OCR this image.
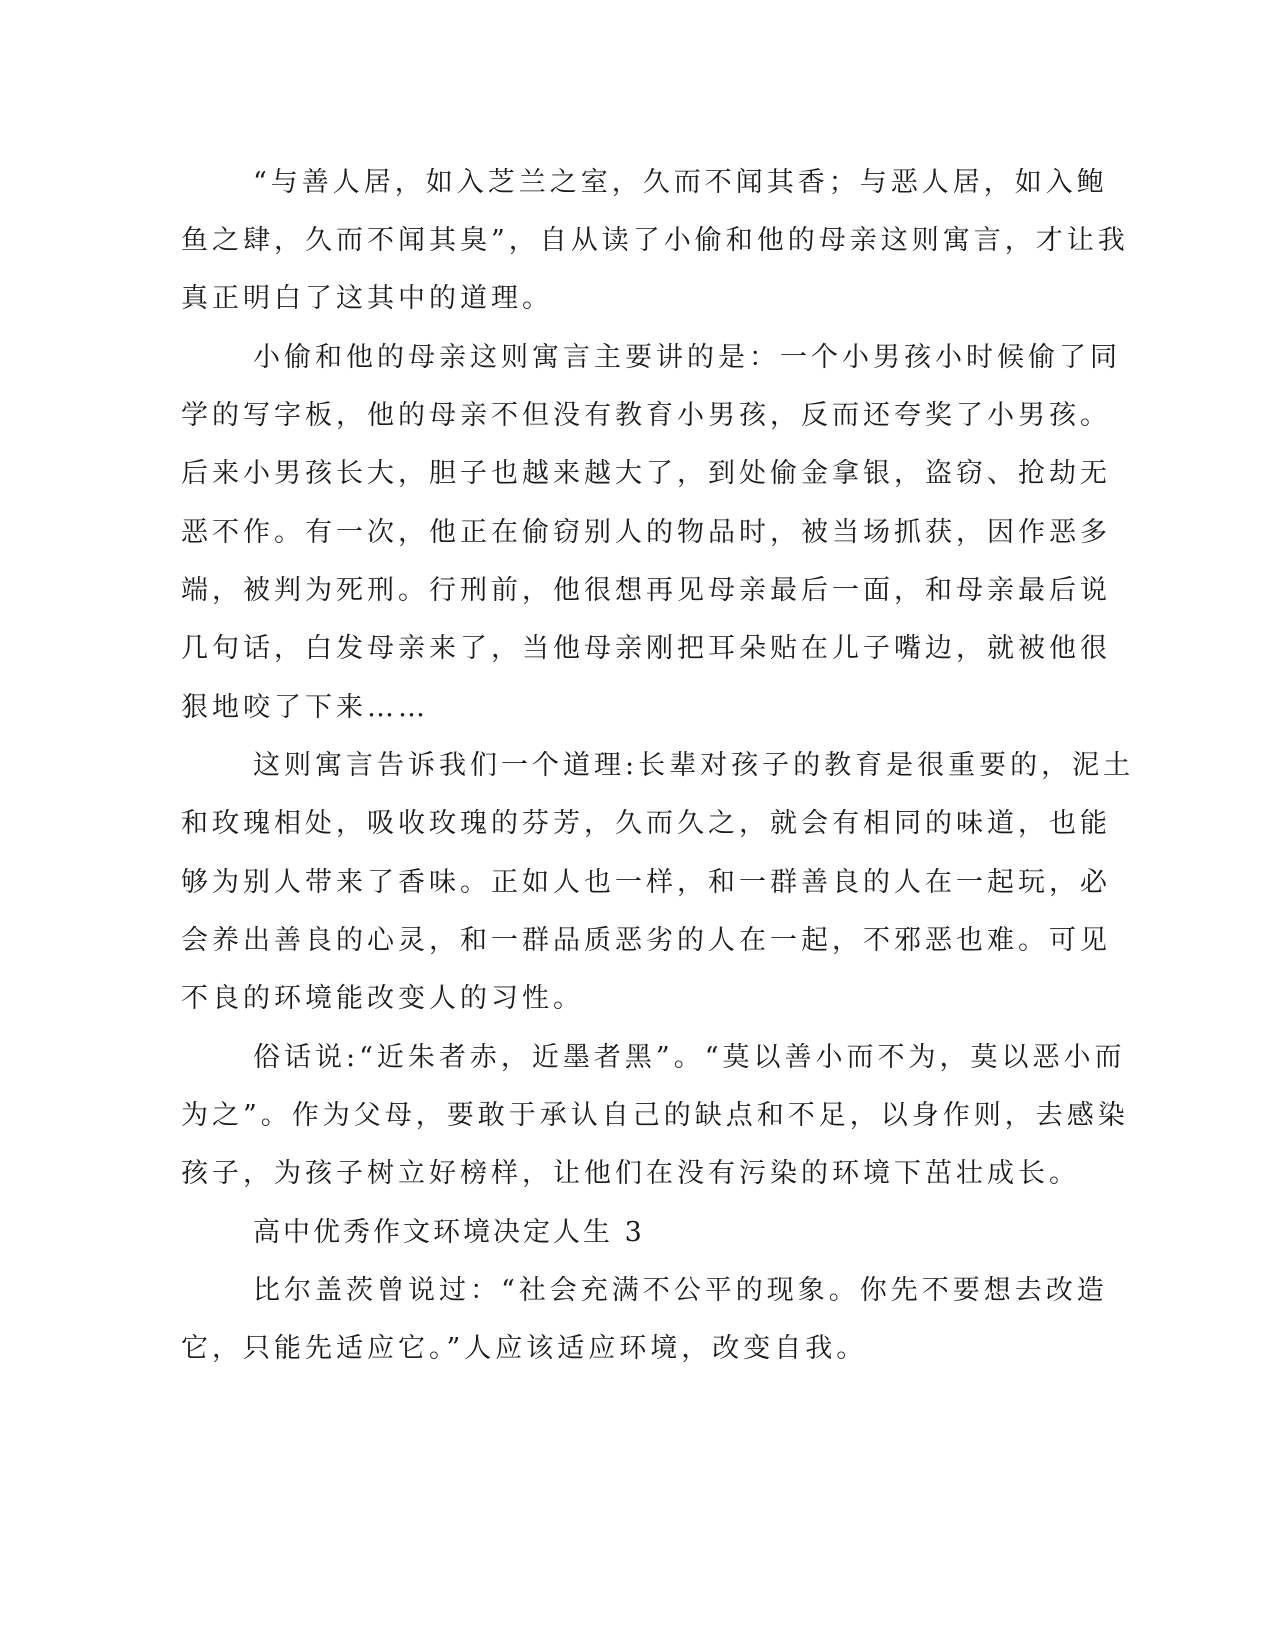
“与善人居，如入芝兰之室，久而不闻其香；与恶人居，如入鲍

鱼之肆，久而不闻其臭”，自从读了小偷和他的母亲这则寓言，才让我

真正明白了这其中的道理。

小偷和他的母亲这则寓言主要讲的是：一个小男孩小时候偷了同

学的写字板，他的母亲不但没有教育小男孩，反而还夸奖了小男孩。

后来小男孩长大，胆子也越来越大了，到处偷金拿银，盗窃、抢劫无

恶不作。有一次，他正在偷窃别人的物品时，被当场抓获，因作恶多

端，被判为死刑。行刑前，他很想再见母亲最后一面，和母亲最后说

几句话，白发母亲来了，当他母亲刚把耳朵贴在儿子嘴边，就被他很

狠地咬了下来……

这则寓言告诉我们一个道理:长辈对孩子的教育是很重要的，泥土

和玫瑰相处，吸收玫瑰的芬芳，久而久之，就会有相同的味道，也能

够为别人带来了香味。正如人也一样，和一群善良的人在一起玩，必

会养出善良的心灵，和一群品质恶劣的人在一起，不邪恶也难。可见

不良的环境能改变人的习性。

俗话说:“近朱者赤，近墨者黑”。“莫以善小而不为，莫以恶小而

为之”。作为父母，要敢于承认自己的缺点和不足，以身作则，去感染

孩子，为孩子树立好榜样，让他们在没有污染的环境下茁壮成长。

高中优秀作文环境决定人生 3

比尔盖茨曾说过：“社会充满不公平的现象。你先不要想去改造

它，只能先适应它。”人应该适应环境，改变自我。
